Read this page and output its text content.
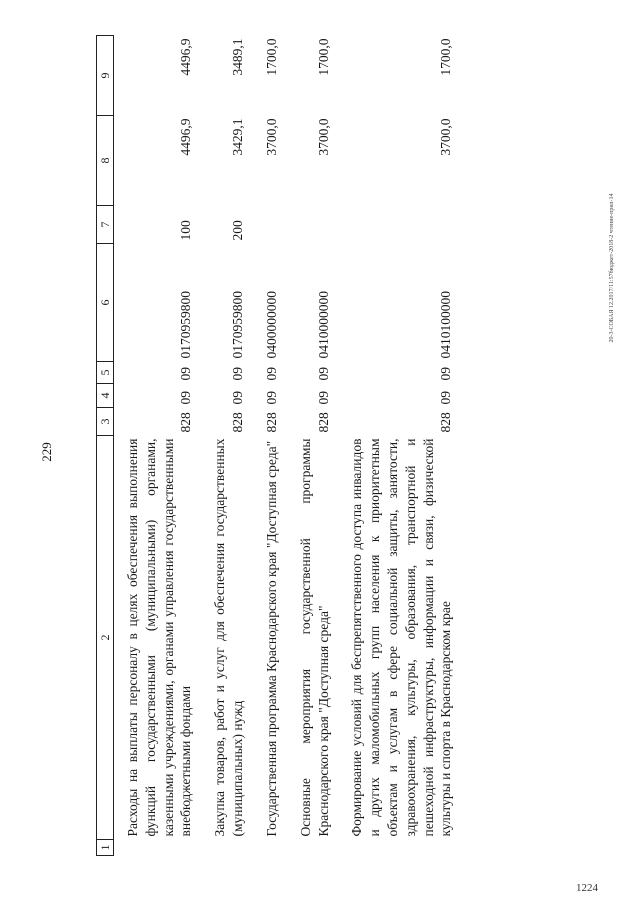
229
1224
20-3-СОБАЯ 12.2017/11:57бюджет-2018-2 чтение-прил-14
1	2	3	4	5	6	7	8	9
	Расходы на выплаты персоналу в целях обеспечения выполнения функций государственными (муниципальными) органами, казенными учреждениями, органами управления государственными внебюджетными фондами	828	09	09	0170959800	100	4496,9	4496,9
	Закупка товаров, работ и услуг для обеспечения государственных (муниципальных) нужд	828	09	09	0170959800	200	3429,1	3489,1
	Государственная программа Краснодарского края "Доступная среда"	828	09	09	0400000000		3700,0	1700,0
	Основные мероприятия государственной программы Краснодарского края "Доступная среда"	828	09	09	0410000000		3700,0	1700,0
	Формирование условий для беспрепятственного доступа инвалидов и других маломобильных групп населения к приоритетным объектам и услугам в сфере социальной защиты, занятости, здравоохранения, культуры, образования, транспортной и пешеходной инфраструктуры, информации и связи, физической культуры и спорта в Краснодарском крае	828	09	09	0410100000		3700,0	1700,0
